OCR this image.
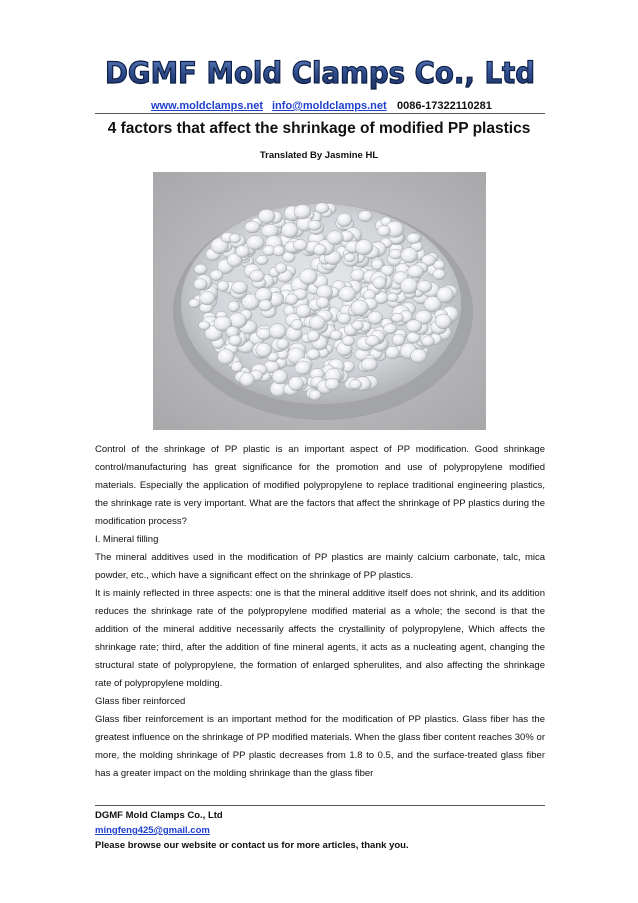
DGMF Mold Clamps Co., Ltd
www.moldclamps.net info@moldclamps.net 0086-17322110281
4 factors that affect the shrinkage of modified PP plastics
Translated By Jasmine HL

Control of the shrinkage of PP plastic is an important aspect of PP modification. Good shrinkage control/manufacturing has great significance for the promotion and use of polypropylene modified materials. Especially the application of modified polypropylene to replace traditional engineering plastics, the shrinkage rate is very important. What are the factors that affect the shrinkage of PP plastics during the modification process?

I. Mineral filling

The mineral additives used in the modification of PP plastics are mainly calcium carbonate, talc, mica powder, etc., which have a significant effect on the shrinkage of PP plastics.

It is mainly reflected in three aspects: one is that the mineral additive itself does not shrink, and its addition reduces the shrinkage rate of the polypropylene modified material as a whole; the second is that the addition of the mineral additive necessarily affects the crystallinity of polypropylene, Which affects the shrinkage rate; third, after the addition of fine mineral agents, it acts as a nucleating agent, changing the structural state of polypropylene, the formation of enlarged spherulites, and also affecting the shrinkage rate of polypropylene molding.

Glass fiber reinforced

Glass fiber reinforcement is an important method for the modification of PP plastics. Glass fiber has the greatest influence on the shrinkage of PP modified materials. When the glass fiber content reaches 30% or more, the molding shrinkage of PP plastic decreases from 1.8 to 0.5, and the surface-treated glass fiber has a greater impact on the molding shrinkage than the glass fiber

DGMF Mold Clamps Co., Ltd
mingfeng425@gmail.com
Please browse our website or contact us for more articles, thank you.
